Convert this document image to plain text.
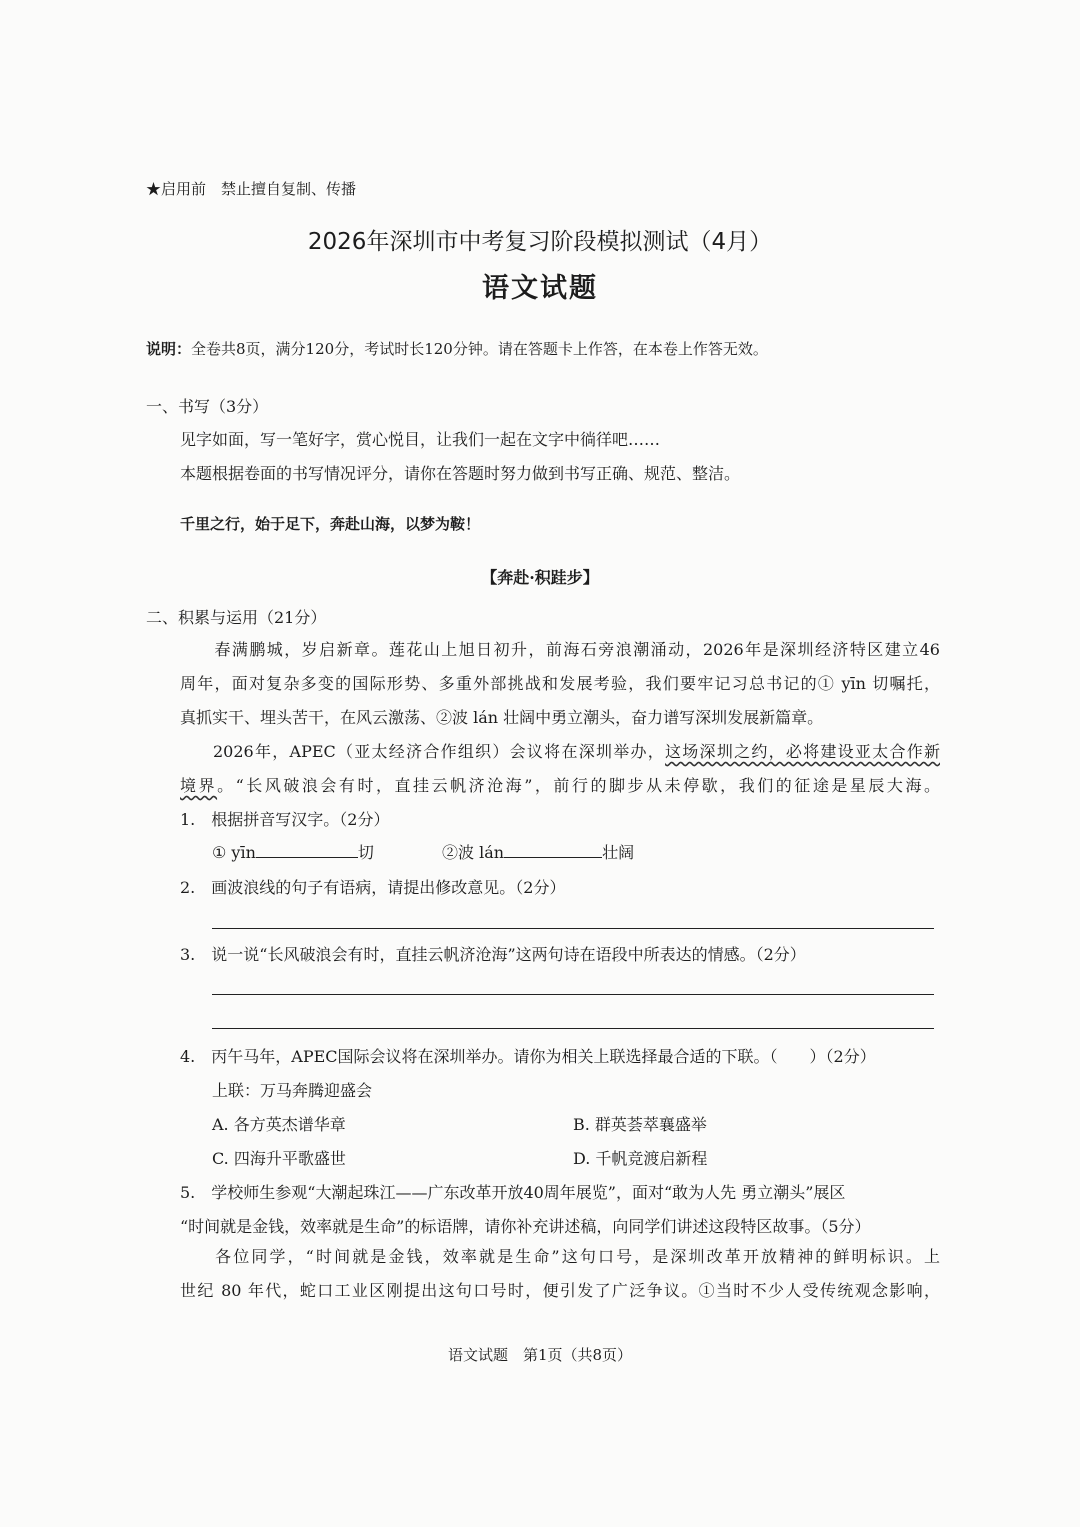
★启用前　禁止擅自复制、传播
2026年深圳市中考复习阶段模拟测试（4月）
语文试题
说明：全卷共8页，满分120分，考试时长120分钟。请在答题卡上作答，在本卷上作答无效。
一、书写（3分）
见字如面，写一笔好字，赏心悦目，让我们一起在文字中徜徉吧……
本题根据卷面的书写情况评分，请你在答题时努力做到书写正确、规范、整洁。
千里之行，始于足下，奔赴山海，以梦为鞍！
【奔赴·积跬步】
二、积累与运用（21分）
春满鹏城，岁启新章。莲花山上旭日初升，前海石旁浪潮涌动，2026年是深圳经济特区建立46
周年，面对复杂多变的国际形势、多重外部挑战和发展考验，我们要牢记习总书记的① yīn 切嘱托，
真抓实干、埋头苦干，在风云激荡、②波 lán 壮阔中勇立潮头，奋力谱写深圳发展新篇章。
2026年，APEC（亚太经济合作组织）会议将在深圳举办，这场深圳之约，必将建设亚太合作新
境界。“长风破浪会有时，直挂云帆济沧海”，前行的脚步从未停歇，我们的征途是星辰大海。
1.　根据拼音写汉字。（2分）
① yīn	切	②波 lán	壮阔
2.　画波浪线的句子有语病，请提出修改意见。（2分）
3.　说一说“长风破浪会有时，直挂云帆济沧海”这两句诗在语段中所表达的情感。（2分）
4.　丙午马年，APEC国际会议将在深圳举办。请你为相关上联选择最合适的下联。（　　）（2分）
上联：万马奔腾迎盛会
A. 各方英杰谱华章	B. 群英荟萃襄盛举
C. 四海升平歌盛世	D. 千帆竞渡启新程
5.　学校师生参观“大潮起珠江——广东改革开放40周年展览”，面对“敢为人先 勇立潮头”展区
“时间就是金钱，效率就是生命”的标语牌，请你补充讲述稿，向同学们讲述这段特区故事。（5分）
各位同学，“时间就是金钱，效率就是生命”这句口号，是深圳改革开放精神的鲜明标识。上
世纪 80 年代，蛇口工业区刚提出这句口号时，便引发了广泛争议。①当时不少人受传统观念影响，
语文试题　第1页（共8页）
